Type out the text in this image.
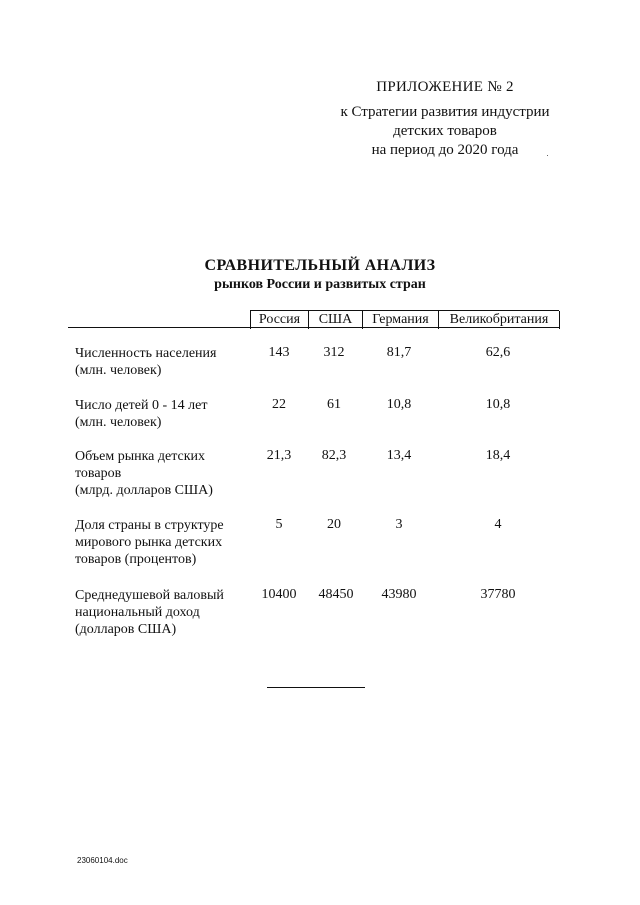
ПРИЛОЖЕНИЕ № 2
к Стратегии развития индустрии
детских товаров
на период до 2020 года
СРАВНИТЕЛЬНЫЙ АНАЛИЗ
рынков России и развитых стран
Россия	США	Германия	Великобритания
Численность населения
(млн. человек)
143	312	81,7	62,6
Число детей 0 - 14 лет
(млн. человек)
22	61	10,8	10,8
Объем рынка детских
товаров
(млрд. долларов США)
21,3	82,3	13,4	18,4
Доля страны в структуре
мирового рынка детских
товаров (процентов)
5	20	3	4
Среднедушевой валовый
национальный доход
(долларов США)
10400	48450	43980	37780
23060104.doc
